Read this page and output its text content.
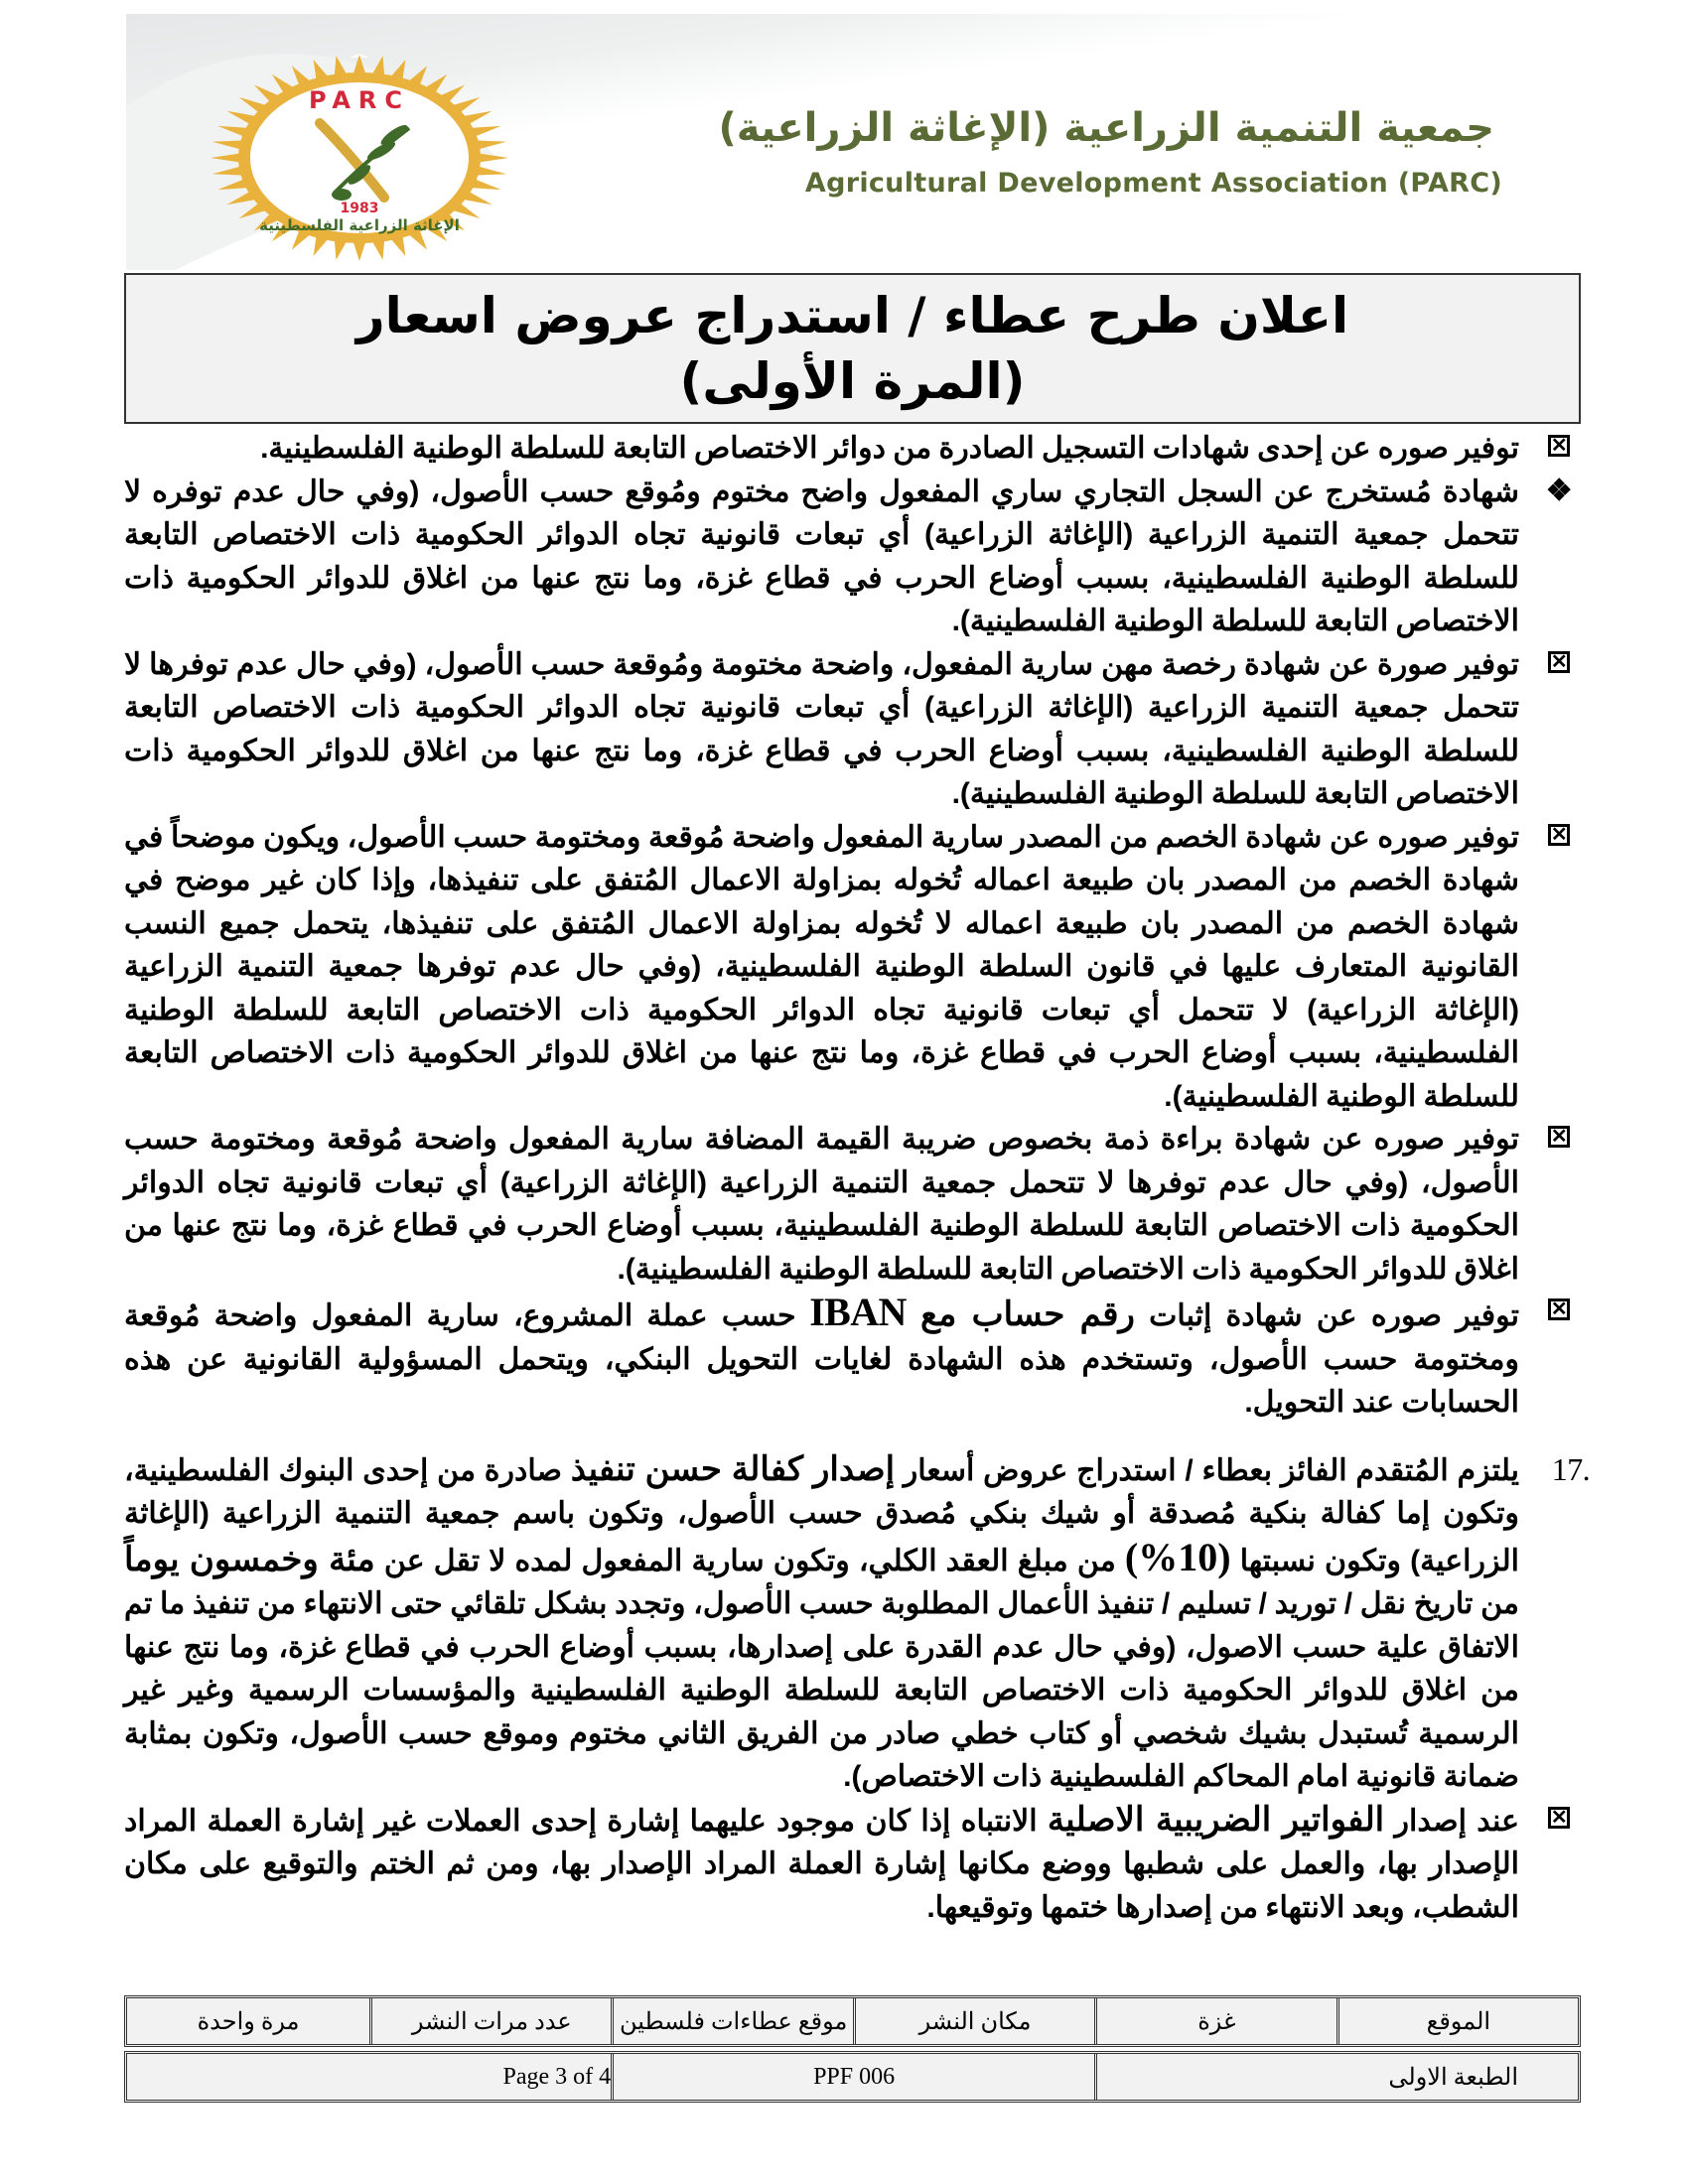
PARC
1983
الإغاثة الزراعية الفلسطينية
جمعية التنمية الزراعية (الإغاثة الزراعية)
Agricultural Development Association (PARC)
اعلان طرح عطاء / استدراج عروض اسعار
(المرة الأولى)
✕
توفير صوره عن إحدى شهادات التسجيل الصادرة من دوائر الاختصاص التابعة للسلطة الوطنية الفلسطينية.
❖
شهادة مُستخرج عن السجل التجاري ساري المفعول واضح مختوم ومُوقع حسب الأصول، (وفي حال عدم توفره لا تتحمل جمعية التنمية الزراعية (الإغاثة الزراعية) أي تبعات قانونية تجاه الدوائر الحكومية ذات الاختصاص التابعة للسلطة الوطنية الفلسطينية، بسبب أوضاع الحرب في قطاع غزة، وما نتج عنها من اغلاق للدوائر الحكومية ذات الاختصاص التابعة للسلطة الوطنية الفلسطينية).
✕
توفير صورة عن شهادة رخصة مهن سارية المفعول، واضحة مختومة ومُوقعة حسب الأصول، (وفي حال عدم توفرها لا تتحمل جمعية التنمية الزراعية (الإغاثة الزراعية) أي تبعات قانونية تجاه الدوائر الحكومية ذات الاختصاص التابعة للسلطة الوطنية الفلسطينية، بسبب أوضاع الحرب في قطاع غزة، وما نتج عنها من اغلاق للدوائر الحكومية ذات الاختصاص التابعة للسلطة الوطنية الفلسطينية).
✕
توفير صوره عن شهادة الخصم من المصدر سارية المفعول واضحة مُوقعة ومختومة حسب الأصول، ويكون موضحاً في شهادة الخصم من المصدر بان طبيعة اعماله تُخوله بمزاولة الاعمال المُتفق على تنفيذها، وإذا كان غير موضح في شهادة الخصم من المصدر بان طبيعة اعماله لا تُخوله بمزاولة الاعمال المُتفق على تنفيذها، يتحمل جميع النسب القانونية المتعارف عليها في قانون السلطة الوطنية الفلسطينية، (وفي حال عدم توفرها جمعية التنمية الزراعية (الإغاثة الزراعية) لا تتحمل أي تبعات قانونية تجاه الدوائر الحكومية ذات الاختصاص التابعة للسلطة الوطنية الفلسطينية، بسبب أوضاع الحرب في قطاع غزة، وما نتج عنها من اغلاق للدوائر الحكومية ذات الاختصاص التابعة للسلطة الوطنية الفلسطينية).
✕
توفير صوره عن شهادة براءة ذمة بخصوص ضريبة القيمة المضافة سارية المفعول واضحة مُوقعة ومختومة حسب الأصول، (وفي حال عدم توفرها لا تتحمل جمعية التنمية الزراعية (الإغاثة الزراعية) أي تبعات قانونية تجاه الدوائر الحكومية ذات الاختصاص التابعة للسلطة الوطنية الفلسطينية، بسبب أوضاع الحرب في قطاع غزة، وما نتج عنها من اغلاق للدوائر الحكومية ذات الاختصاص التابعة للسلطة الوطنية الفلسطينية).
✕
توفير صوره عن شهادة إثبات رقم حساب مع IBAN حسب عملة المشروع، سارية المفعول واضحة مُوقعة ومختومة حسب الأصول، وتستخدم هذه الشهادة لغايات التحويل البنكي، ويتحمل المسؤولية القانونية عن هذه الحسابات عند التحويل.
17.
يلتزم المُتقدم الفائز بعطاء / استدراج عروض أسعار إصدار كفالة حسن تنفيذ صادرة من إحدى البنوك الفلسطينية، وتكون إما كفالة بنكية مُصدقة أو شيك بنكي مُصدق حسب الأصول، وتكون باسم جمعية التنمية الزراعية (الإغاثة الزراعية) وتكون نسبتها (10%) من مبلغ العقد الكلي، وتكون سارية المفعول لمده لا تقل عن مئة وخمسون يوماً من تاريخ نقل / توريد / تسليم / تنفيذ الأعمال المطلوبة حسب الأصول، وتجدد بشكل تلقائي حتى الانتهاء من تنفيذ ما تم الاتفاق علية حسب الاصول، (وفي حال عدم القدرة على إصدارها، بسبب أوضاع الحرب في قطاع غزة، وما نتج عنها من اغلاق للدوائر الحكومية ذات الاختصاص التابعة للسلطة الوطنية الفلسطينية والمؤسسات الرسمية وغير غير الرسمية تُستبدل بشيك شخصي أو كتاب خطي صادر من الفريق الثاني مختوم وموقع حسب الأصول، وتكون بمثابة ضمانة قانونية امام المحاكم الفلسطينية ذات الاختصاص).
✕
عند إصدار الفواتير الضريبية الاصلية الانتباه إذا كان موجود عليهما إشارة إحدى العملات غير إشارة العملة المراد الإصدار بها، والعمل على شطبها ووضع مكانها إشارة العملة المراد الإصدار بها، ومن ثم الختم والتوقيع على مكان الشطب، وبعد الانتهاء من إصدارها ختمها وتوقيعها.
الموقع
غزة
مكان النشر
موقع عطاءات فلسطين
عدد مرات النشر
مرة واحدة
الطبعة الاولى
PPF 006
Page 3 of 4
